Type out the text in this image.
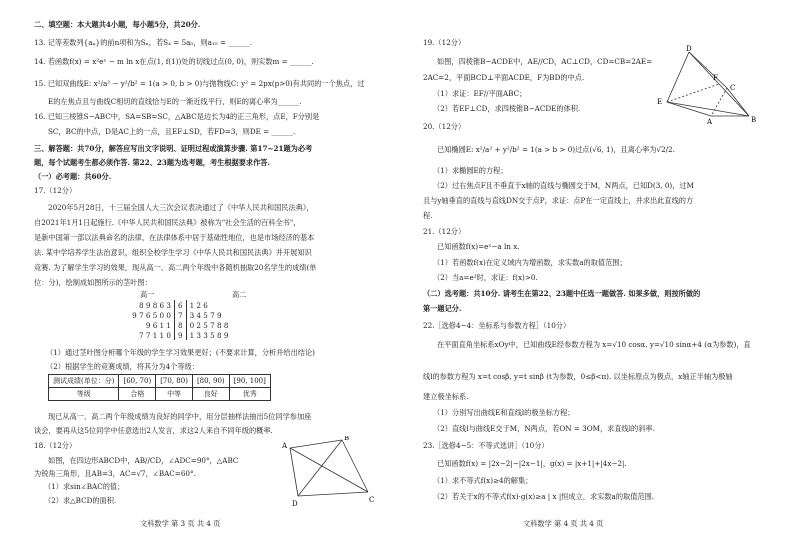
二、填空题：本大题共4小题，每小题5分，共20分.
13. 记等差数列{aₙ}的前n项和为Sₙ，若S₄ = 5a₅，则a₁₅ = ______.
14. 若函数f(x) = x²eˣ − m ln x在点(1, f(1))处的切线过点(0, 0)，则实数m = ______.
15. 已知双曲线E: x²/a² − y²/b² = 1(a > 0, b > 0)与抛物线C: y² = 2px(p>0)有共同的一个焦点，过
E的左焦点且与曲线C相切的直线恰与E的一渐近线平行，则E的离心率为______.
16. 已知三棱锥S−ABC中，SA=SB=SC，△ABC是边长为4的正三角形，点E，F分别是
SC，BC的中点，D是AC上的一点，且EF⊥SD，若FD=3，则DE = ______.
三、解答题：共70分，解答应写出文字说明、证明过程或演算步骤. 第17~21题为必考
题，每个试题考生都必须作答. 第22、23题为选考题，考生根据要求作答.
（一）必考题：共60分.
17.（12分）
2020年5月28日，十三届全国人大三次会议表决通过了《中华人民共和国民法典》，
自2021年1月1日起施行.《中华人民共和国民法典》被称为"社会生活的百科全书"，
是新中国第一部以法典命名的法律，在法律体系中居于基础性地位，也是市场经济的基本
法. 某中学培养学生法治意识，组织全校学生学习《中华人民共和国民法典》并开展知识
竞赛. 为了解学生学习的效果，现从高一、高二两个年级中各随机抽取20名学生的成绩(单
位：分)，绘制成如图所示的茎叶图：
高一	高二
8 9 8 6 3	6	1 2 6
9 7 6 5 0 0	7	3 4 5 7 9
9 6 1 1	8	0 2 5 7 8 8
7 7 1 1 0	9	1 3 3 5 8 9
（1）通过茎叶图分析哪个年级的学生学习效果更好；(不要求计算，分析并给出结论)
（2）根据学生的竞赛成绩，将其分为4个等级：
测试成绩(单位：分)	[60, 70)	[70, 80)	[80, 90)	[90, 100]
等级	合格	中等	良好	优秀
现已从高一、高二两个年级成绩为良好的同学中，用分层抽样法抽出5位同学参加座
谈会，要再从这5位同学中任意选出2人发言，求这2人来自不同年级的概率.
18.（12分）
如图，在四边形ABCD中，AB//CD，∠ADC=90°，△ABC
为锐角三角形，且AB=3，AC=√7，∠BAC=60°.
（1）求sin∠BAC的值；
（2）求△BCD的面积.
A
B
C
D
文科数学 第 3 页 共 4 页
19.（12分）
如图，四棱锥B−ACDE中，AE//CD，AC⊥CD，CD=CB=2AE=
2AC=2，平面BCD⊥平面ACDE，F为BD的中点.
（1）求证：EF//平面ABC；
（2）若EF⊥CD，求四棱锥B−ACDE的体积.
20.（12分）
已知椭圆E: x²/a² + y²/b² = 1(a > b > 0)过点(√6, 1)，且离心率为√2/2.
（1）求椭圆E的方程；
（2）过右焦点F且不垂直于x轴的直线与椭圆交于M，N两点，已知D(3, 0)，过M
且与y轴垂直的直线与直线DN交于点P，求证：点P在一定直线上，并求出此直线的方
程.
21.（12分）
已知函数f(x)=eˣ−a ln x.
（1）若函数f(x)在定义域内为增函数，求实数a的取值范围；
（2）当a=e²时，求证：f(x)>0.
（二）选考题：共10分. 请考生在第22、23题中任选一题做答. 如果多做，则按所做的
第一题记分.
22.［选修4−4：坐标系与参数方程］（10分）
在平面直角坐标系xOy中，已知曲线E经参数方程为 x=√10 cosα, y=√10 sinα+4 (α为参数)，直
线l的参数方程为 x=t cosβ, y=t sinβ (t为参数，0≤β<π). 以坐标原点为极点，x轴正半轴为极轴
建立极坐标系.
（1）分别写出曲线E和直线l的极坐标方程；
（2）直线l与曲线E交于M，N两点，若ON = 3OM，求直线l的斜率.
23.［选修4−5：不等式选讲］（10分）
已知函数f(x) = |2x−2|−|2x−1|，g(x) = |x+1|+|4x−2|.
（1）求不等式f(x)≥4的解集；
（2）若关于x的不等式f(x)·g(x)≥a | x |恒成立，求实数a的取值范围.
D
E
F
C
A	B
文科数学 第 4 页 共 4 页
